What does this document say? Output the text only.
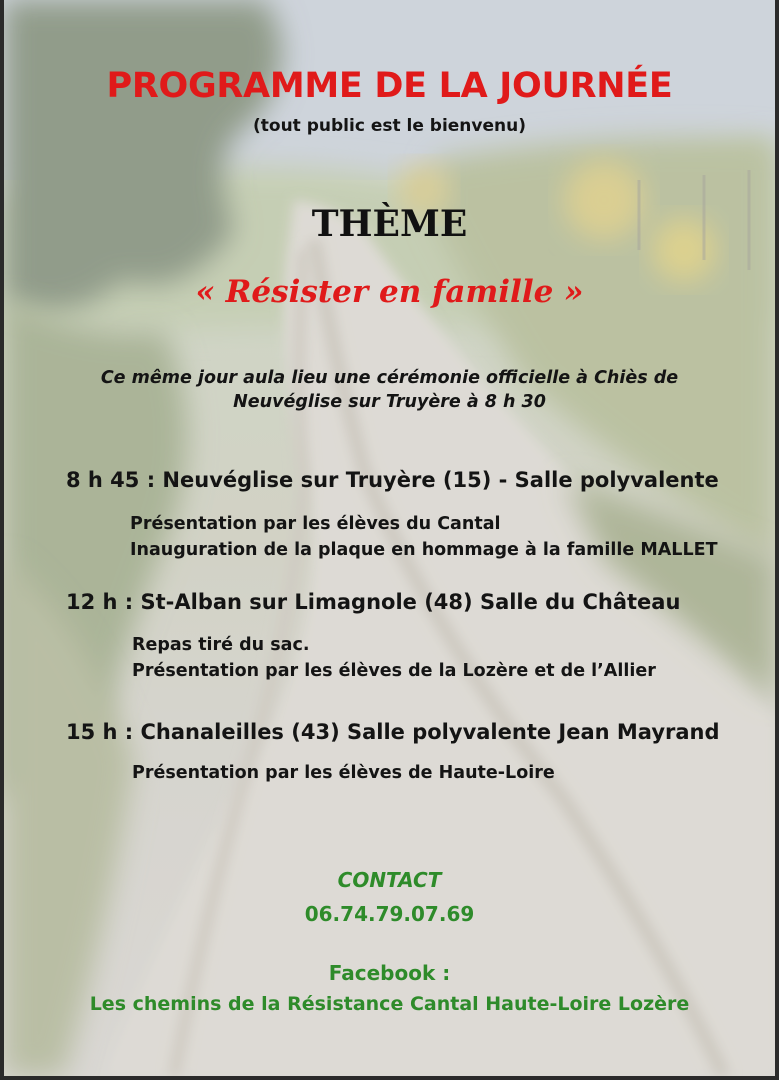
PROGRAMME DE LA JOURNÉE

(tout public est le bienvenu)

THÈME

« Résister en famille »

Ce même jour aula lieu une cérémonie officielle à Chiès de
Neuvéglise sur Truyère à 8 h 30

8 h 45 : Neuvéglise sur Truyère (15) - Salle polyvalente

Présentation par les élèves du Cantal
Inauguration de la plaque en hommage à la famille MALLET

12 h : St-Alban sur Limagnole (48) Salle du Château

Repas tiré du sac.
Présentation par les élèves de la Lozère et de l’Allier

15 h : Chanaleilles (43) Salle polyvalente Jean Mayrand

Présentation par les élèves de Haute-Loire

CONTACT

06.74.79.07.69

Facebook :

Les chemins de la Résistance Cantal Haute-Loire Lozère
